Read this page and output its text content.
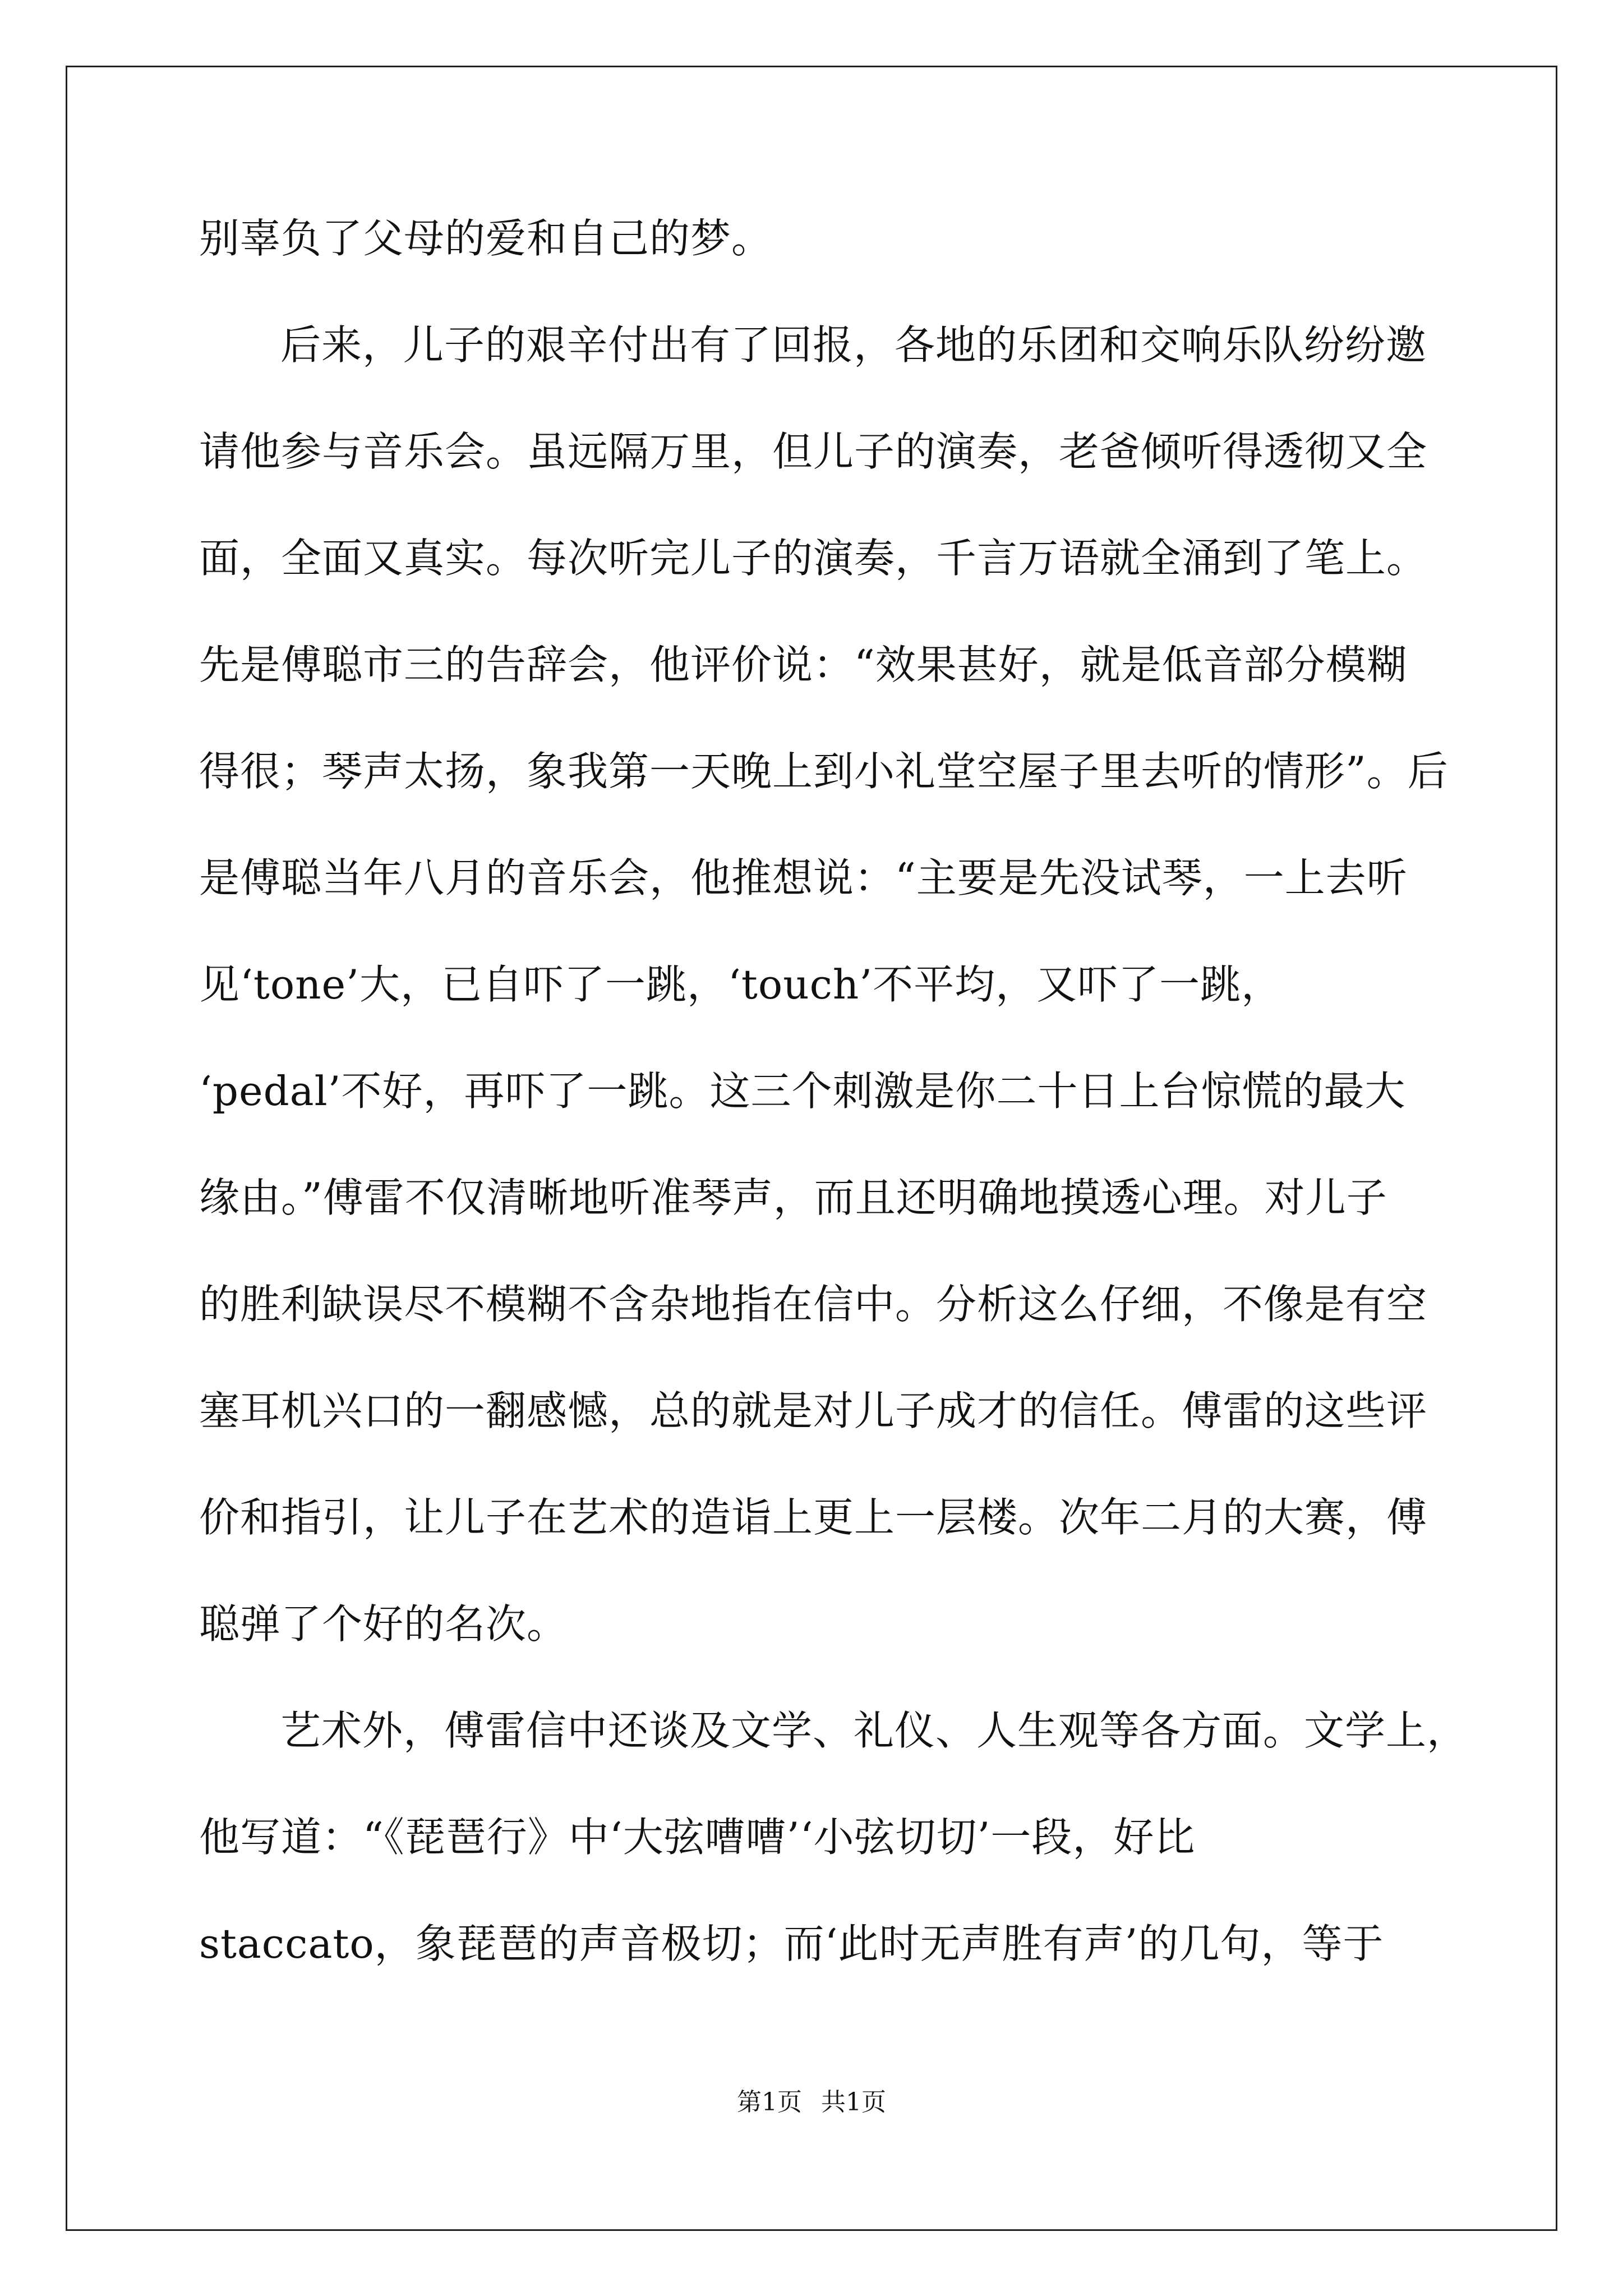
别辜负了父母的爱和自己的梦。

后来，儿子的艰辛付出有了回报，各地的乐团和交响乐队纷纷邀

请他参与音乐会。虽远隔万里，但儿子的演奏，老爸倾听得透彻又全

面，全面又真实。每次听完儿子的演奏，千言万语就全涌到了笔上。

先是傅聪市三的告辞会，他评价说：“效果甚好，就是低音部分模糊

得很；琴声太扬，象我第一天晚上到小礼堂空屋子里去听的情形”。后

是傅聪当年八月的音乐会，他推想说：“主要是先没试琴，一上去听

见‘tone’大，已自吓了一跳，‘touch’不平均，又吓了一跳，

‘pedal’不好，再吓了一跳。这三个刺激是你二十日上台惊慌的最大

缘由。”傅雷不仅清晰地听准琴声，而且还明确地摸透心理。对儿子

的胜利缺误尽不模糊不含杂地指在信中。分析这么仔细，不像是有空

塞耳机兴口的一翻感憾，总的就是对儿子成才的信任。傅雷的这些评

价和指引，让儿子在艺术的造诣上更上一层楼。次年二月的大赛，傅

聪弹了个好的名次。

艺术外，傅雷信中还谈及文学、礼仪、人生观等各方面。文学上，

他写道：“《琵琶行》中‘大弦嘈嘈’‘小弦切切’一段，好比

staccato，象琵琶的声音极切；而‘此时无声胜有声’的几句，等于

第1页 共1页
